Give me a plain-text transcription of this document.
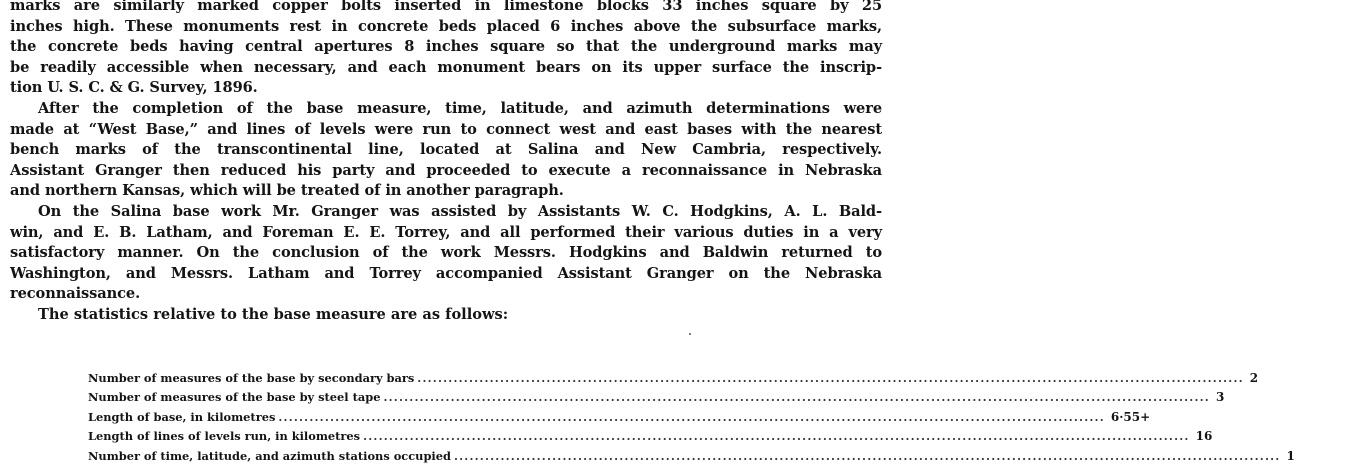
marks are similarly marked copper bolts inserted in limestone blocks 33 inches square by 25
inches high. These monuments rest in concrete beds placed 6 inches above the subsurface marks,
the concrete beds having central apertures 8 inches square so that the underground marks may
be readily accessible when necessary, and each monument bears on its upper surface the inscrip-
tion U. S. C. & G. Survey, 1896.

After the completion of the base measure, time, latitude, and azimuth determinations were
made at “West Base,” and lines of levels were run to connect west and east bases with the nearest
bench marks of the transcontinental line, located at Salina and New Cambria, respectively.
Assistant Granger then reduced his party and proceeded to execute a reconnaissance in Nebraska
and northern Kansas, which will be treated of in another paragraph.

On the Salina base work Mr. Granger was assisted by Assistants W. C. Hodgkins, A. L. Bald-
win, and E. B. Latham, and Foreman E. E. Torrey, and all performed their various duties in a very
satisfactory manner. On the conclusion of the work Messrs. Hodgkins and Baldwin returned to
Washington, and Messrs. Latham and Torrey accompanied Assistant Granger on the Nebraska
reconnaissance.

The statistics relative to the base measure are as follows:

Number of measures of the base by secondary bars ................................................................................................................................................................ 2
Number of measures of the base by steel tape ................................................................................................................................................................ 3
Length of base, in kilometres ................................................................................................................................................................ 6·55+
Length of lines of levels run, in kilometres ................................................................................................................................................................ 16
Number of time, latitude, and azimuth stations occupied ................................................................................................................................................................ 1
